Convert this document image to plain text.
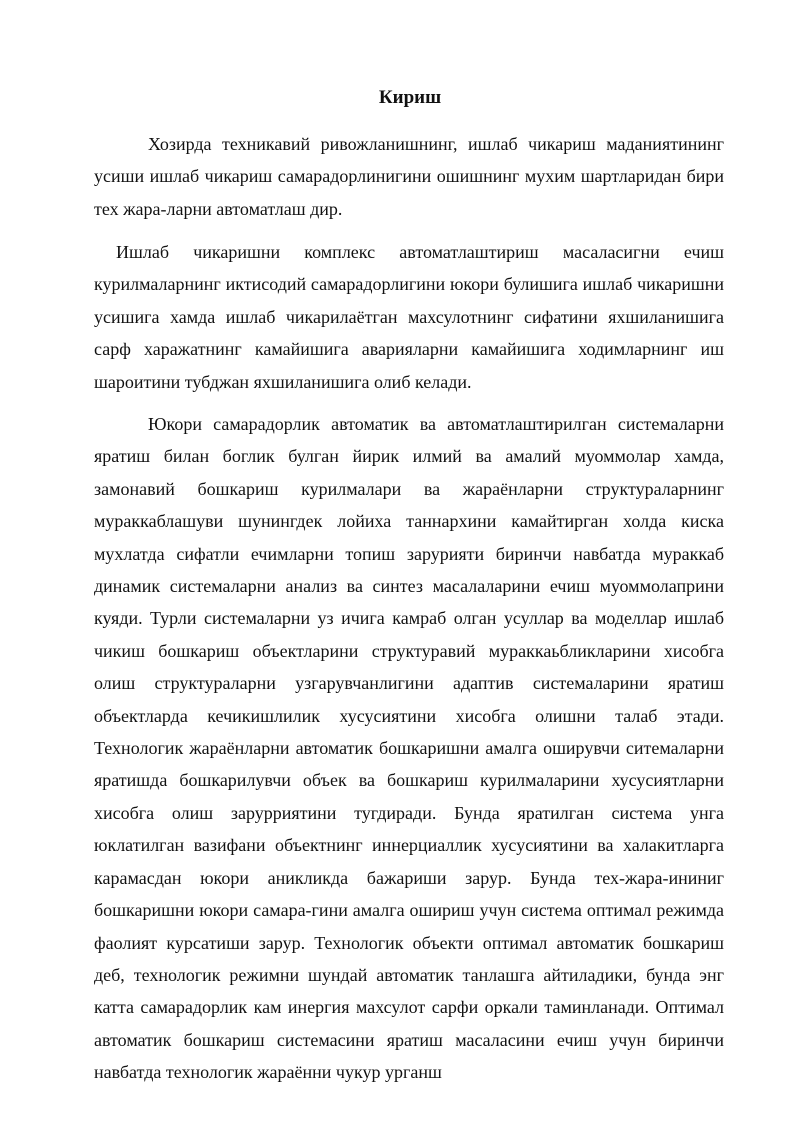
Кириш

Хозирда техникавий ривожланишнинг, ишлаб чикариш маданиятининг усиши ишлаб чикариш самарадорлинигини ошишнинг мухим шартларидан бири тех жара-ларни автоматлаш дир.

Ишлаб чикаришни комплекс автоматлаштириш масаласигни ечиш курилмаларнинг иктисодий самарадорлигини юкори булишига ишлаб чикаришни усишига хамда ишлаб чикарилаётган махсулотнинг сифатини яхшиланишига сарф харажатнинг камайишига аварияларни камайишига ходимларнинг иш шароитини тубджан яхшиланишига олиб келади.

Юкори самарадорлик автоматик ва автоматлаштирилган системаларни яратиш билан боглик булган йирик илмий ва амалий муоммолар хамда, замонавий бошкариш курилмалари ва жараёнларни структураларнинг мураккаблашуви шунингдек лойиха таннархини камайтирган холда киска мухлатда сифатли ечимларни топиш зарурияти биринчи навбатда мураккаб динамик системаларни анализ ва синтез масалаларини ечиш муоммолаприни куяди. Турли системаларни уз ичига камраб олган усуллар ва моделлар ишлаб чикиш бошкариш объектларини структуравий мураккаьбликларини хисобга олиш структураларни узгарувчанлигини адаптив системаларини яратиш объектларда кечикишлилик хусусиятини хисобга олишни талаб этади. Технологик жараёнларни автоматик бошкаришни амалга оширувчи ситемаларни яратишда бошкарилувчи объек ва бошкариш курилмаларини хусусиятларни хисобга олиш зарурриятини тугдиради. Бунда яратилган система унга юклатилган вазифани объектнинг иннерциаллик хусусиятини ва халакитларга карамасдан юкори аникликда бажариши зарур. Бунда тех-жара-ининиг бошкаришни юкори самара-гини амалга ошириш учун система оптимал режимда фаолият курсатиши зарур. Технологик объекти оптимал автоматик бошкариш деб, технологик режимни шундай автоматик танлашга айтиладики, бунда энг катта самарадорлик кам инергия махсулот сарфи оркали таминланади. Оптимал автоматик бошкариш системасини яратиш масаласини ечиш учун биринчи навбатда технологик жараённи чукур урганш
